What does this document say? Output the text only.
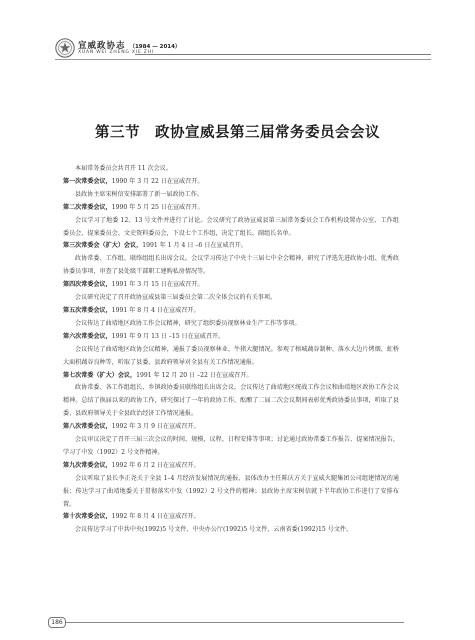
宣威政协志 （1984 — 2014）
XUAN WEI ZHENG XIE ZHI
第三节　政协宣威县第三届常务委员会会议

本届常务委员会共召开 11 次会议。

第一次常委会议，1990 年 3 月 22 日在宣威召开。

县政协主席宋树信安排部署了新一届政协工作。

第二次常委会议，1990 年 5 月 25 日在宣威召开。

会议学习了地委 12、13 号文件并进行了讨论。会议研究了政协宣威县第三届常务委员会工作机构设置办公室、工作组委员会、提案委员会、文史资料委员会，下设七个工作组，决定了组长、副组长名单。

第三次常委会（扩大）会议，1991 年 1 月 4 日 –6 日在宣威召开。

政协常委、工作组、联络组组长出席会议。会议学习传达了中央十三届七中全会精神，研究了评选先进政协小组、优秀政协委员事项，审查了县处级干部职工建购私房情况等。

第四次常委会议，1991 年 3 月 15 日在宣威召开。

会议研究决定了召开政协宣威县第三届委员会第二次全体会议的有关事项。

第五次常委会议，1991 年 8 月 4 日在宣威召开。

会议传达了曲靖地区政协工作会议精神，研究了组织委员视察林业生产工作等事项。

第六次常委会议，1991 年 9 月 13 日 –15 日在宣威召开。

会议传达了曲靖地区政协会议精神，通报了委员视察林业、牛猪大腿情况。参观了榕城蔬谷制种、落水大边片烤烟、虹桥大面积蔬谷良种等，听取了县委、县政府领导对全县有关工作情况通报。

第七次常委（扩大）会议，1991 年 12 月 20 日 –22 日在宣威召开。

政协常委、各工作组组长、乡镇政协委员联络组长出席会议。会议传达了曲靖地区统战工作会议和曲靖地区政协工作会议精神。总结了换届以来的政协工作，研究探讨了一年的政协工作，酝酿了二届二次会议期间表彰优秀政协委员事项，听取了县委、县政府领导关于全县政治经济工作情况通报。

第八次常委会议，1992 年 3 月 9 日在宣威召开。

会议审议决定了召开三届三次会议的时间、规模、议程、日程安排等事项；讨论通过政协常委工作报告、提案情况报告，学习了中发（1992）2 号文件精神。

第九次常委会议，1992 年 6 月 2 日在宣威召开。

会议听取了县长李正尧关于全县 1–4 月经济发展情况的通报、县体改办主任陈庆方关于宣威火腿集团公司组建情况的通报；传达学习了曲靖地委关于贯彻落实中发（1992）2 号文件的精神；县政协主席宋树信就下半年政协工作进行了安排布置。

第十次常委会议，1992 年 8 月 4 日在宣威召开。

会议传达学习了中共中央(1992)5 号文件、中央办公厅(1992)5 号文件、云南省委(1992)15 号文件、

186
